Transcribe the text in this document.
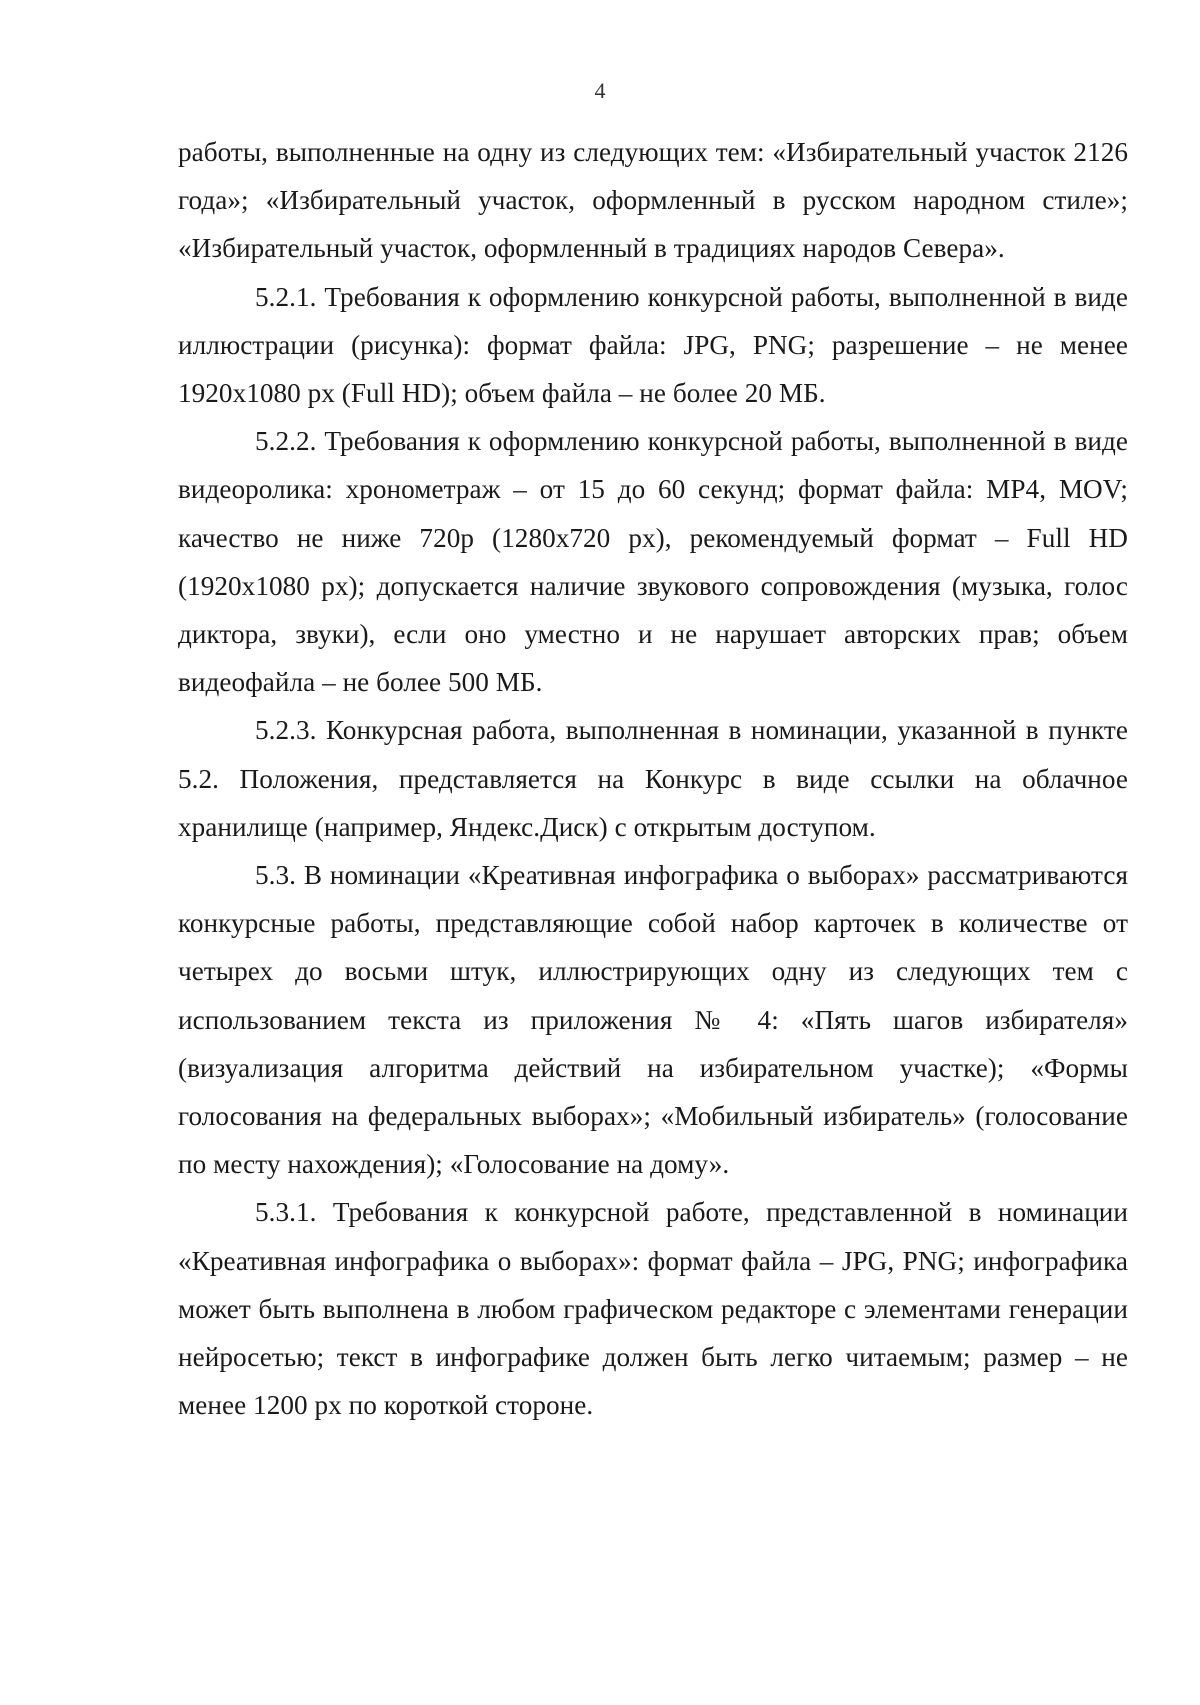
4

работы, выполненные на одну из следующих тем: «Избирательный участок 2126 года»; «Избирательный участок, оформленный в русском народном стиле»; «Избирательный участок, оформленный в традициях народов Севера».

5.2.1. Требования к оформлению конкурсной работы, выполненной в виде иллюстрации (рисунка): формат файла: JPG, PNG; разрешение – не менее 1920x1080 px (Full HD); объем файла – не более 20 МБ.

5.2.2. Требования к оформлению конкурсной работы, выполненной в виде видеоролика: хронометраж – от 15 до 60 секунд; формат файла: MP4, MOV; качество не ниже 720p (1280x720 px), рекомендуемый формат – Full HD (1920x1080 px); допускается наличие звукового сопровождения (музыка, голос диктора, звуки), если оно уместно и не нарушает авторских прав; объем видеофайла – не более 500 МБ.

5.2.3. Конкурсная работа, выполненная в номинации, указанной в пункте 5.2. Положения, представляется на Конкурс в виде ссылки на облачное хранилище (например, Яндекс.Диск) с открытым доступом.

5.3. В номинации «Креативная инфографика о выборах» рассматриваются конкурсные работы, представляющие собой набор карточек в количестве от четырех до восьми штук, иллюстрирующих одну из следующих тем с использованием текста из приложения № 4: «Пять шагов избирателя» (визуализация алгоритма действий на избирательном участке); «Формы голосования на федеральных выборах»; «Мобильный избиратель» (голосование по месту нахождения); «Голосование на дому».

5.3.1. Требования к конкурсной работе, представленной в номинации «Креативная инфографика о выборах»: формат файла – JPG, PNG; инфографика может быть выполнена в любом графическом редакторе с элементами генерации нейросетью; текст в инфографике должен быть легко читаемым; размер – не менее 1200 px по короткой стороне.
